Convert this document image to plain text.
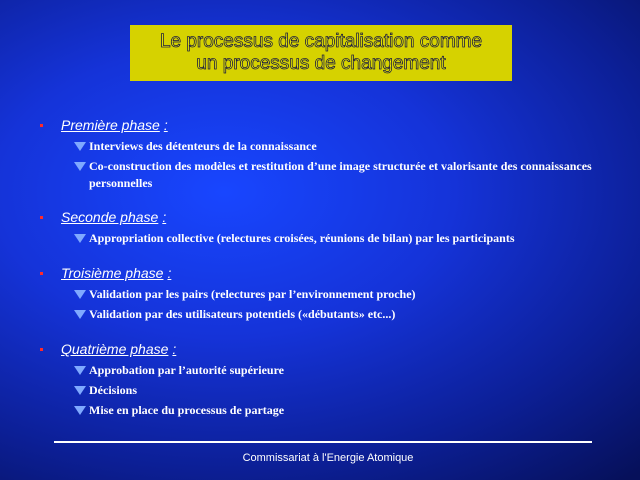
Le processus de capitalisation comme
un processus de changement
Première phase :
Interviews des détenteurs de la connaissance
Co-construction des modèles et restitution d’une image structurée et valorisante des connaissances personnelles
Seconde phase :
Appropriation collective (relectures croisées, réunions de bilan) par les participants
Troisième phase :
Validation par les pairs (relectures par l’environnement proche)
Validation par des utilisateurs potentiels («débutants» etc...)
Quatrième phase :
Approbation par l’autorité supérieure
Décisions
Mise en place du processus de partage
Commissariat à l'Energie Atomique
